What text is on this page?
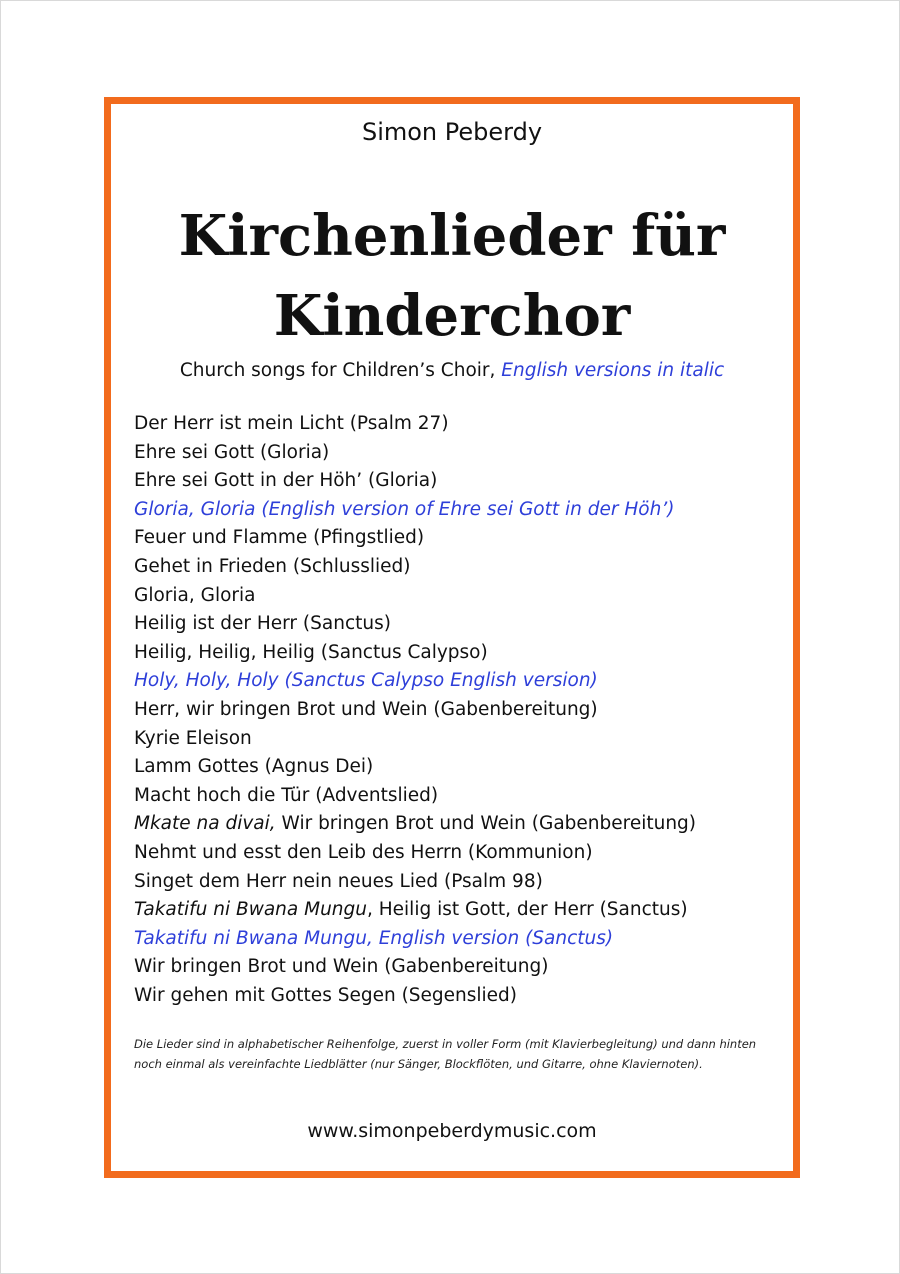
Simon Peberdy
Kirchenlieder für
Kinderchor
Church songs for Children’s Choir, English versions in italic
Der Herr ist mein Licht (Psalm 27)
Ehre sei Gott (Gloria)
Ehre sei Gott in der Höh’ (Gloria)
Gloria, Gloria (English version of Ehre sei Gott in der Höh’)
Feuer und Flamme (Pfingstlied)
Gehet in Frieden (Schlusslied)
Gloria, Gloria
Heilig ist der Herr (Sanctus)
Heilig, Heilig, Heilig (Sanctus Calypso)
Holy, Holy, Holy (Sanctus Calypso English version)
Herr, wir bringen Brot und Wein (Gabenbereitung)
Kyrie Eleison
Lamm Gottes (Agnus Dei)
Macht hoch die Tür (Adventslied)
Mkate na divai, Wir bringen Brot und Wein (Gabenbereitung)
Nehmt und esst den Leib des Herrn (Kommunion)
Singet dem Herr nein neues Lied (Psalm 98)
Takatifu ni Bwana Mungu, Heilig ist Gott, der Herr (Sanctus)
Takatifu ni Bwana Mungu, English version (Sanctus)
Wir bringen Brot und Wein (Gabenbereitung)
Wir gehen mit Gottes Segen (Segenslied)
Die Lieder sind in alphabetischer Reihenfolge, zuerst in voller Form (mit Klavierbegleitung) und dann hinten noch einmal als vereinfachte Liedblätter (nur Sänger, Blockflöten, und Gitarre, ohne Klaviernoten).
www.simonpeberdymusic.com
